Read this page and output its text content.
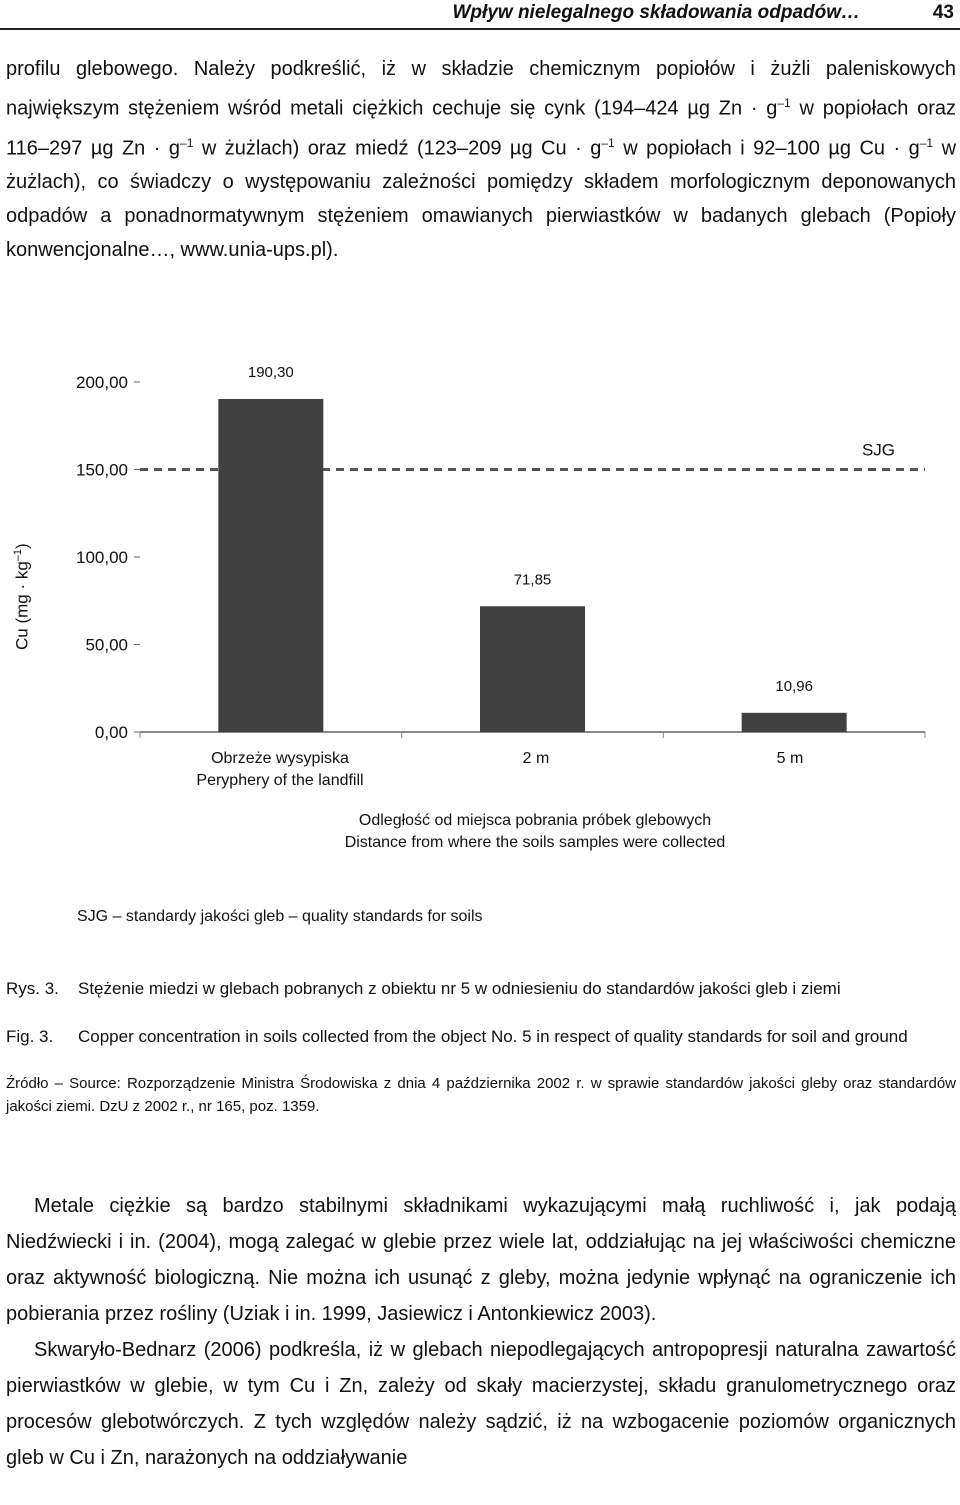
Wpływ nielegalnego składowania odpadów…	43
profilu glebowego. Należy podkreślić, iż w składzie chemicznym popiołów i żużli paleniskowych największym stężeniem wśród metali ciężkich cechuje się cynk (194–424 µg $Zn \cdot g^{-1}$ w popiołach oraz 116–297 µg $Zn \cdot g^{-1}$ w żużlach) oraz miedź (123–209 µg $Cu \cdot g^{-1}$ w popiołach i 92–100 µg $Cu \cdot g^{-1}$ w żużlach), co świadczy o występowaniu zależności pomiędzy składem morfologicznym deponowanych odpadów a ponadnormatywnym stężeniem omawianych pierwiastków w badanych glebach (Popioły konwencjonalne…, www.unia-ups.pl).
0,00
50,00
100,00
150,00
200,00
SJG
190,30
71,85
10,96
Cu $(mg \cdot kg^{-1})$
Obrzeże wysypiska
Peryphery of the landfill
2 m	5 m
Odległość od miejsca pobrania próbek glebowych
Distance from where the soils samples were collected
SJG – standardy jakości gleb – quality standards for soils
Rys. 3. Stężenie miedzi w glebach pobranych z obiektu nr 5 w odniesieniu do standardów jakości gleb i ziemi
Fig. 3. Copper concentration in soils collected from the object No. 5 in respect of quality standards for soil and ground
Źródło – Source: Rozporządzenie Ministra Środowiska z dnia 4 października 2002 r. w sprawie standardów jakości gleby oraz standardów jakości ziemi. DzU z 2002 r., nr 165, poz. 1359.

Metale ciężkie są bardzo stabilnymi składnikami wykazującymi małą ruchliwość i, jak podają Niedźwiecki i in. (2004), mogą zalegać w glebie przez wiele lat, oddziałując na jej właściwości chemiczne oraz aktywność biologiczną. Nie można ich usunąć z gleby, można jedynie wpłynąć na ograniczenie ich pobierania przez rośliny (Uziak i in. 1999, Jasiewicz i Antonkiewicz 2003).

Skwaryło-Bednarz (2006) podkreśla, iż w glebach niepodlegających antropopresji naturalna zawartość pierwiastków w glebie, w tym Cu i Zn, zależy od skały macierzystej, składu granulometrycznego oraz procesów glebotwórczych. Z tych względów należy sądzić, iż na wzbogacenie poziomów organicznych gleb w Cu i Zn, narażonych na oddziaływanie
